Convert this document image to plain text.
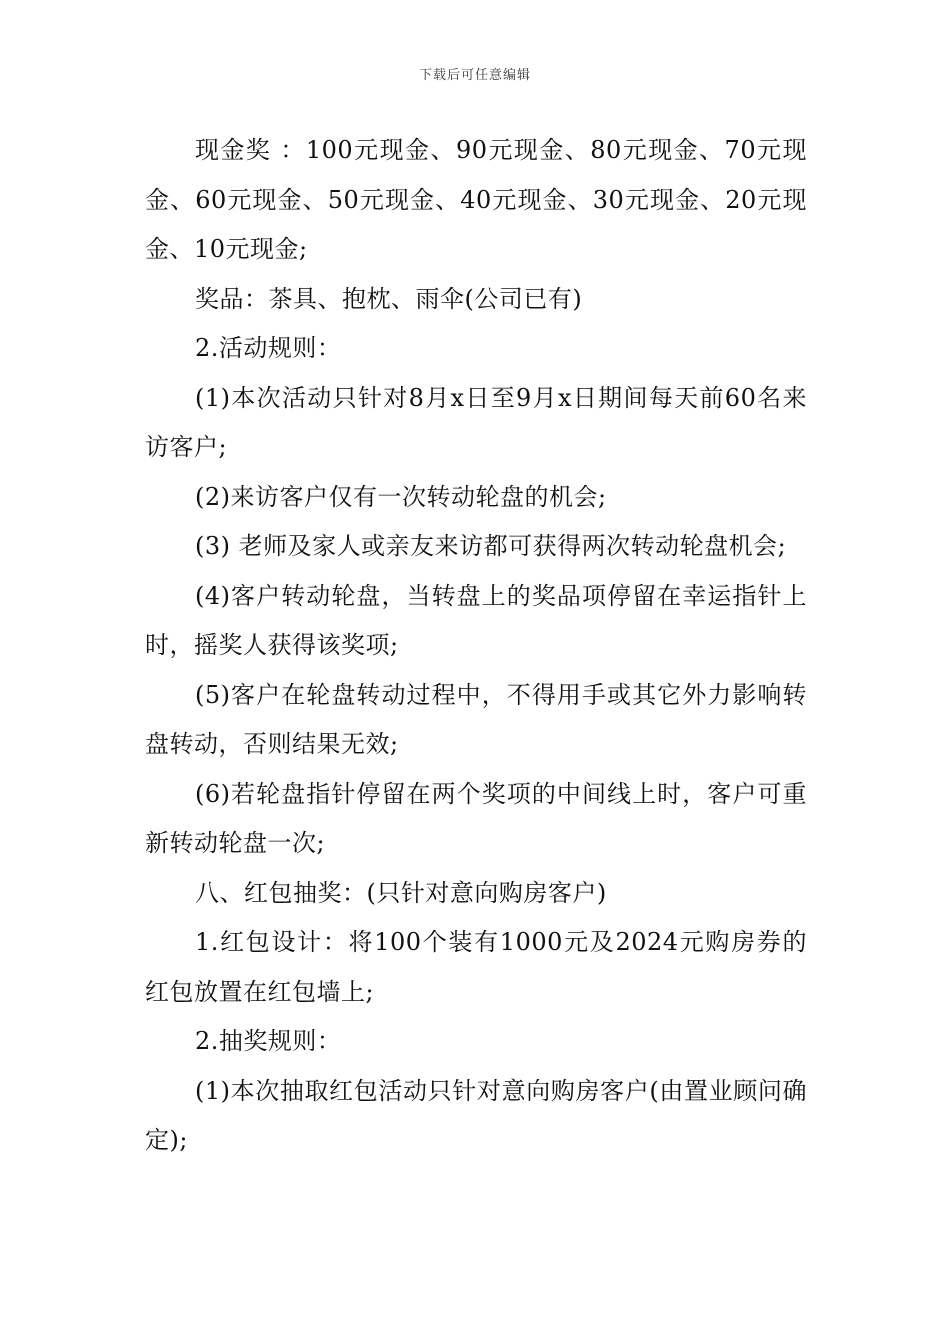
下载后可任意编辑

现金奖 ：100元现金、90元现金、80元现金、70元现金、60元现金、50元现金、40元现金、30元现金、20元现金、10元现金;

奖品：茶具、抱枕、雨伞(公司已有)

2.活动规则：

(1)本次活动只针对8月x日至9月x日期间每天前60名来访客户;

(2)来访客户仅有一次转动轮盘的机会;

(3) 老师及家人或亲友来访都可获得两次转动轮盘机会;

(4)客户转动轮盘，当转盘上的奖品项停留在幸运指针上时，摇奖人获得该奖项;

(5)客户在轮盘转动过程中，不得用手或其它外力影响转盘转动，否则结果无效;

(6)若轮盘指针停留在两个奖项的中间线上时，客户可重新转动轮盘一次;

八、红包抽奖：(只针对意向购房客户)

1.红包设计：将100个装有1000元及2024元购房券的红包放置在红包墙上;

2.抽奖规则：

(1)本次抽取红包活动只针对意向购房客户(由置业顾问确定);
